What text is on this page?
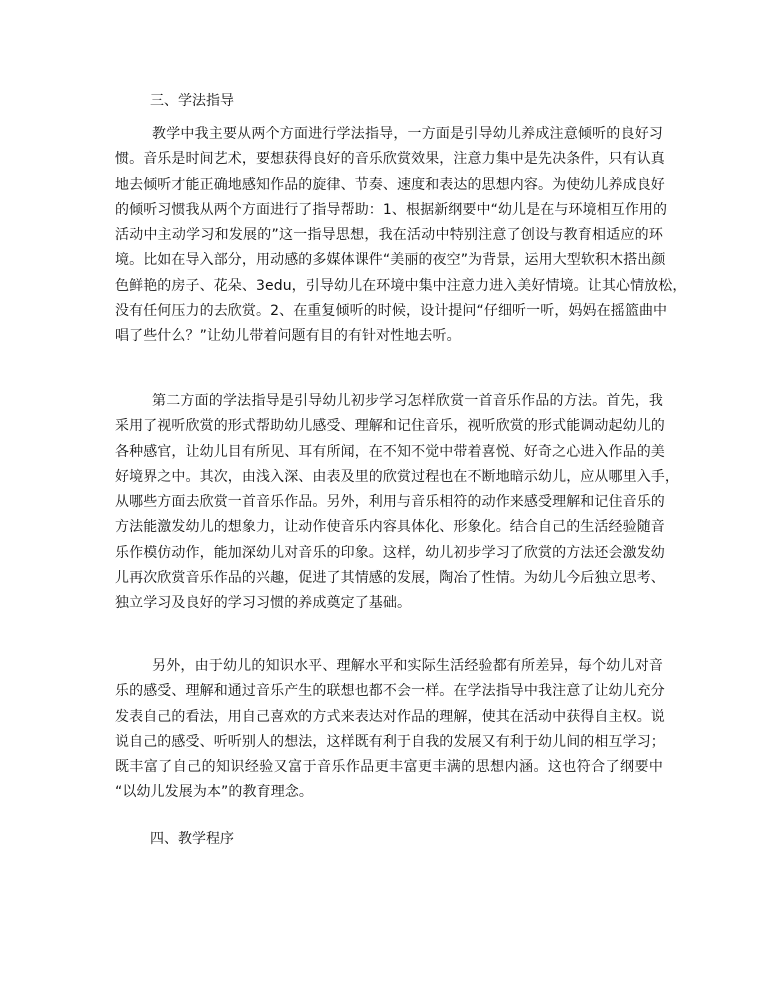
三、学法指导
教学中我主要从两个方面进行学法指导，一方面是引导幼儿养成注意倾听的良好习
惯。音乐是时间艺术，要想获得良好的音乐欣赏效果，注意力集中是先决条件，只有认真
地去倾听才能正确地感知作品的旋律、节奏、速度和表达的思想内容。为使幼儿养成良好
的倾听习惯我从两个方面进行了指导帮助：1、根据新纲要中“幼儿是在与环境相互作用的
活动中主动学习和发展的”这一指导思想，我在活动中特别注意了创设与教育相适应的环
境。比如在导入部分，用动感的多媒体课件“美丽的夜空”为背景，运用大型软积木搭出颜
色鲜艳的房子、花朵、3edu，引导幼儿在环境中集中注意力进入美好情境。让其心情放松，
没有任何压力的去欣赏。2、在重复倾听的时候，设计提问“仔细听一听，妈妈在摇篮曲中
唱了些什么？”让幼儿带着问题有目的有针对性地去听。
第二方面的学法指导是引导幼儿初步学习怎样欣赏一首音乐作品的方法。首先，我
采用了视听欣赏的形式帮助幼儿感受、理解和记住音乐，视听欣赏的形式能调动起幼儿的
各种感官，让幼儿目有所见、耳有所闻，在不知不觉中带着喜悦、好奇之心进入作品的美
好境界之中。其次，由浅入深、由表及里的欣赏过程也在不断地暗示幼儿，应从哪里入手，
从哪些方面去欣赏一首音乐作品。另外，利用与音乐相符的动作来感受理解和记住音乐的
方法能激发幼儿的想象力，让动作使音乐内容具体化、形象化。结合自己的生活经验随音
乐作模仿动作，能加深幼儿对音乐的印象。这样，幼儿初步学习了欣赏的方法还会激发幼
儿再次欣赏音乐作品的兴趣，促进了其情感的发展，陶冶了性情。为幼儿今后独立思考、
独立学习及良好的学习习惯的养成奠定了基础。
另外，由于幼儿的知识水平、理解水平和实际生活经验都有所差异，每个幼儿对音
乐的感受、理解和通过音乐产生的联想也都不会一样。在学法指导中我注意了让幼儿充分
发表自己的看法，用自己喜欢的方式来表达对作品的理解，使其在活动中获得自主权。说
说自己的感受、听听别人的想法，这样既有利于自我的发展又有利于幼儿间的相互学习；
既丰富了自己的知识经验又富于音乐作品更丰富更丰满的思想内涵。这也符合了纲要中
“以幼儿发展为本”的教育理念。
四、教学程序
